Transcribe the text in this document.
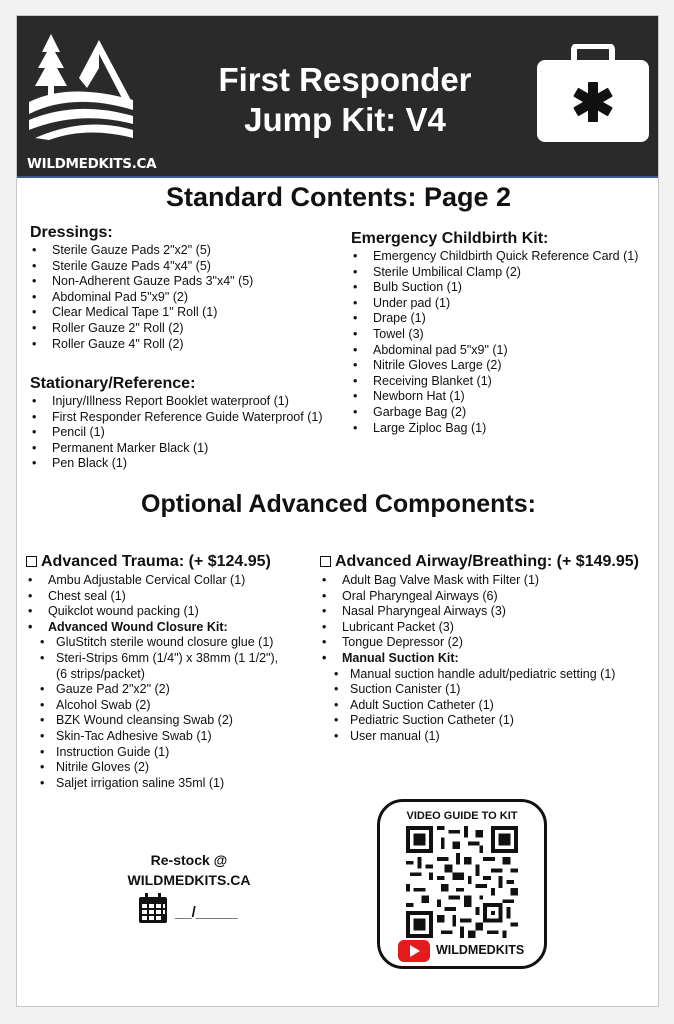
WILDMEDKITS.CA
First Responder
Jump Kit: V4
Standard Contents: Page 2
Dressings:
• Sterile Gauze Pads 2"x2" (5)
• Sterile Gauze Pads 4"x4" (5)
• Non-Adherent Gauze Pads 3"x4" (5)
• Abdominal Pad 5"x9" (2)
• Clear Medical Tape 1" Roll (1)
• Roller Gauze 2" Roll (2)
• Roller Gauze 4" Roll (2)
Stationary/Reference:
• Injury/Illness Report Booklet waterproof (1)
• First Responder Reference Guide Waterproof (1)
• Pencil (1)
• Permanent Marker Black (1)
• Pen Black (1)
Emergency Childbirth Kit:
• Emergency Childbirth Quick Reference Card (1)
• Sterile Umbilical Clamp (2)
• Bulb Suction (1)
• Under pad (1)
• Drape (1)
• Towel (3)
• Abdominal pad 5"x9" (1)
• Nitrile Gloves Large (2)
• Receiving Blanket (1)
• Newborn Hat (1)
• Garbage Bag (2)
• Large Ziploc Bag (1)
Optional Advanced Components:
Advanced Trauma: (+ $124.95)
• Ambu Adjustable Cervical Collar (1)
• Chest seal (1)
• Quikclot wound packing (1)
• Advanced Wound Closure Kit:
• GluStitch sterile wound closure glue (1)
• Steri-Strips 6mm (1/4") x 38mm (1 1/2"),
(6 strips/packet)
• Gauze Pad 2"x2" (2)
• Alcohol Swab (2)
• BZK Wound cleansing Swab (2)
• Skin-Tac Adhesive Swab (1)
• Instruction Guide (1)
• Nitrile Gloves (2)
• Saljet irrigation saline 35ml (1)
Advanced Airway/Breathing: (+ $149.95)
• Adult Bag Valve Mask with Filter (1)
• Oral Pharyngeal Airways (6)
• Nasal Pharyngeal Airways (3)
• Lubricant Packet (3)
• Tongue Depressor (2)
• Manual Suction Kit:
• Manual suction handle adult/pediatric setting (1)
• Suction Canister (1)
• Adult Suction Catheter (1)
• Pediatric Suction Catheter (1)
• User manual (1)
Re-stock @
WILDMEDKITS.CA
__/_____
VIDEO GUIDE TO KIT
WILDMEDKITS
